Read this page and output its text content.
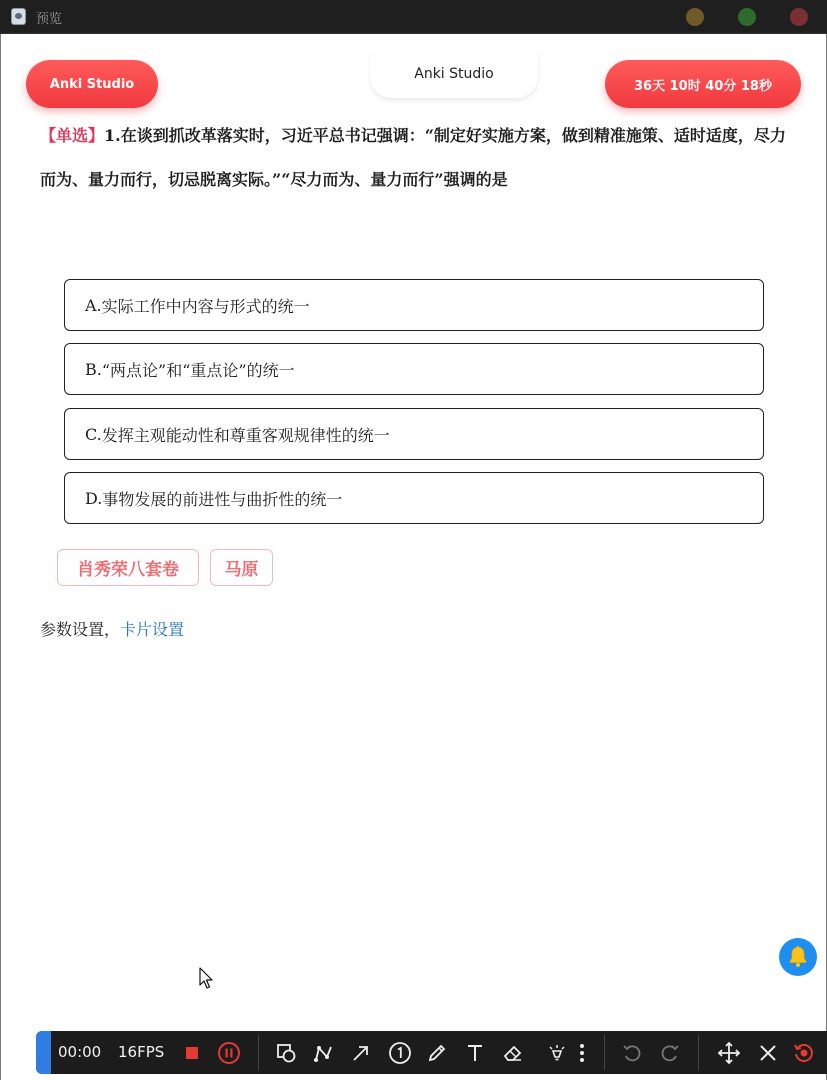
预览
Anki Studio
Anki Studio
36天 10时 40分 18秒
【单选】1.在谈到抓改革落实时，习近平总书记强调：“制定好实施方案，做到精准施策、适时适度，尽力而为、量力而行，切忌脱离实际。”“尽力而为、量力而行”强调的是
A. 实际工作中内容与形式的统一
B. “两点论”和“重点论”的统一
C. 发挥主观能动性和尊重客观规律性的统一
D. 事物发展的前进性与曲折性的统一
肖秀荣八套卷	马原
参数设置，卡片设置
00:00 16FPS
